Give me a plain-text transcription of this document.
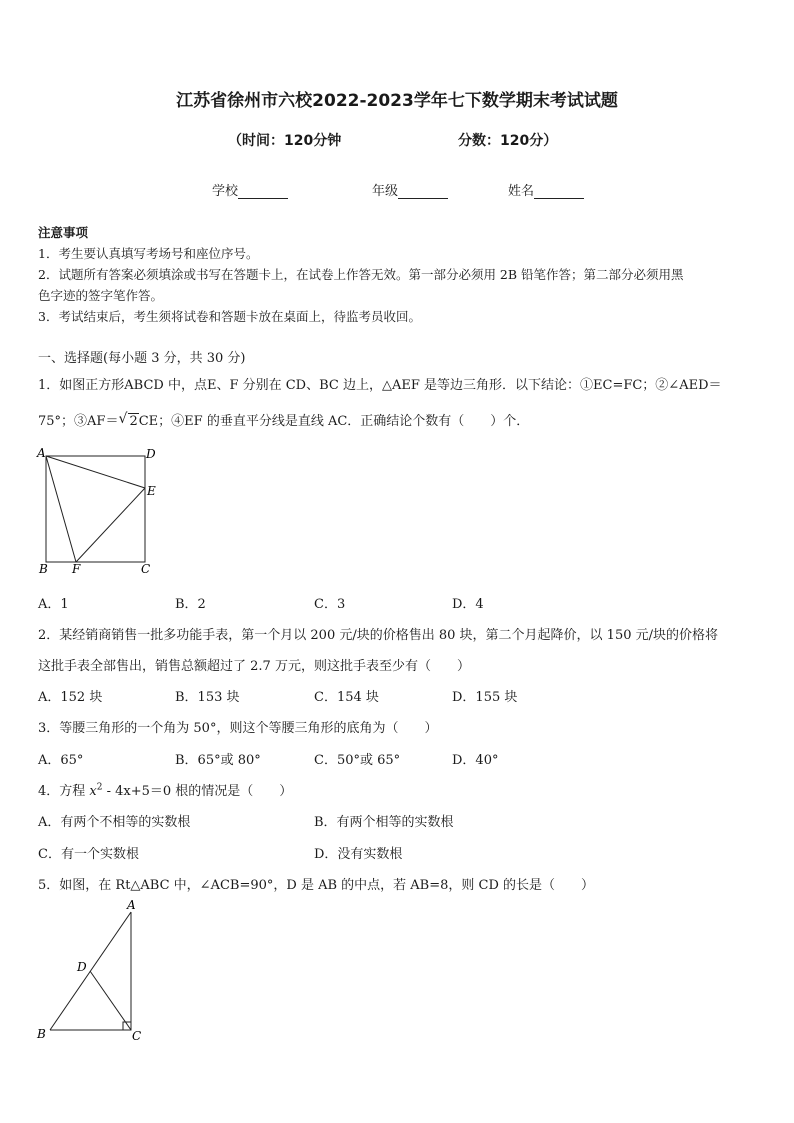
江苏省徐州市六校2022-2023学年七下数学期末考试试题
（时间：120分钟	分数：120分）
学校	年级	姓名
注意事项
1．考生要认真填写考场号和座位序号。
2．试题所有答案必须填涂或书写在答题卡上，在试卷上作答无效。第一部分必须用 2B 铅笔作答；第二部分必须用黑
色字迹的签字笔作答。
3．考试结束后，考生须将试卷和答题卡放在桌面上，待监考员收回。
一、选择题(每小题 3 分，共 30 分)
1．如图正方形ABCD 中，点E、F 分别在 CD、BC 边上，△AEF 是等边三角形．以下结论：①EC=FC；②∠AED＝
75°；③AF＝ √ 2CE；④EF 的垂直平分线是直线 AC．正确结论个数有（　　）个．
A	D
E
B F	C
A．1	B．2	C．3	D．4
2．某经销商销售一批多功能手表，第一个月以 200 元/块的价格售出 80 块，第二个月起降价，以 150 元/块的价格将
这批手表全部售出，销售总额超过了 2.7 万元，则这批手表至少有（　　）
A．152 块	B．153 块	C．154 块	D．155 块
3．等腰三角形的一个角为 50°，则这个等腰三角形的底角为（　　）
A．65°	B．65°或 80°	C．50°或 65°	D．40°
4．方程 $x^2 - 4x+5=0$ 根的情况是（　　）
A．有两个不相等的实数根	B．有两个相等的实数根
C．有一个实数根	D．没有实数根
5．如图，在 Rt△ABC 中，∠ACB=90°，D 是 AB 的中点，若 AB=8，则 CD 的长是（　　）
A
D
B	C
